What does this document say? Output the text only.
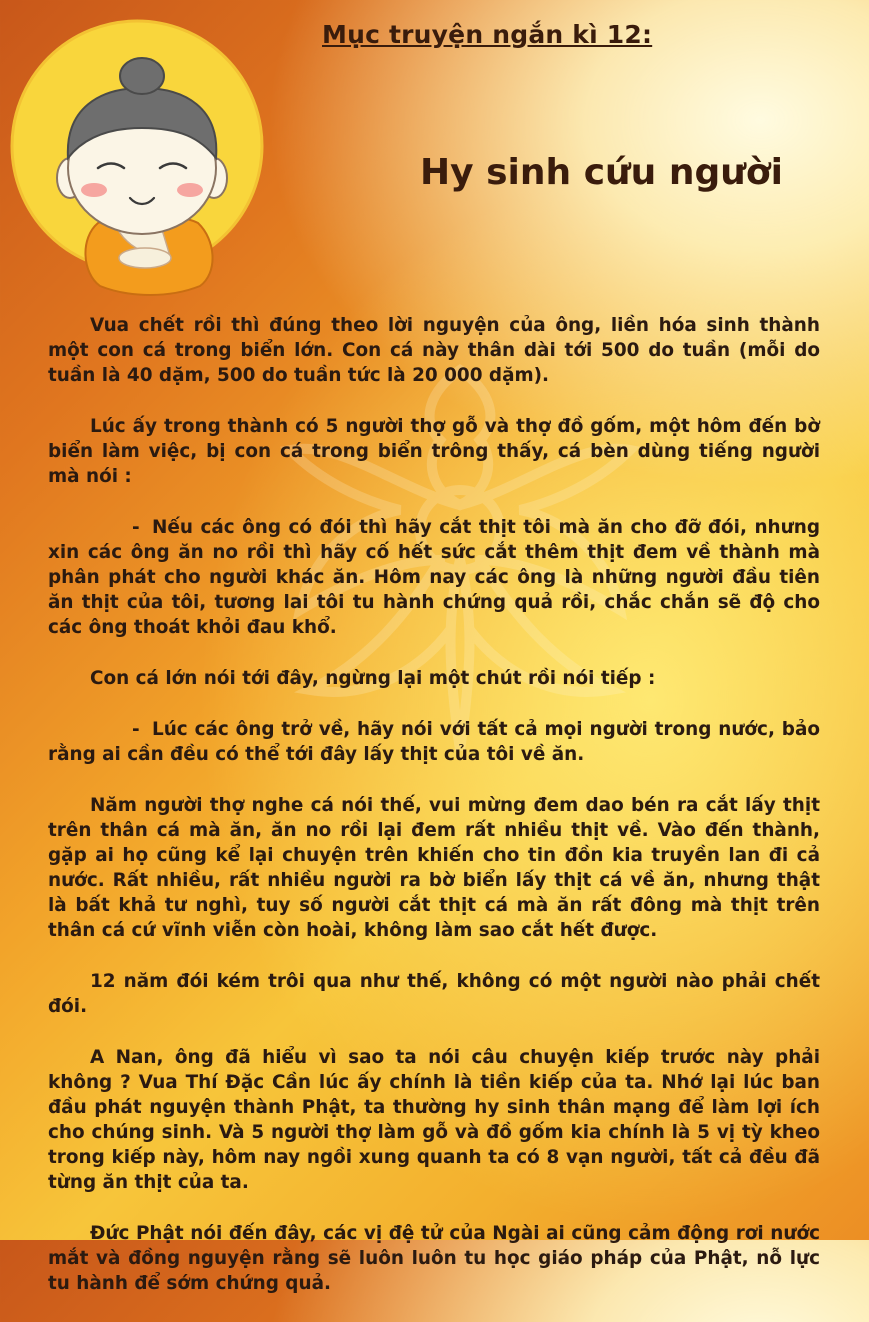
Mục truyện ngắn kì 12:
Hy sinh cứu người

Vua chết rồi thì đúng theo lời nguyện của ông, liền hóa sinh thành một con cá trong biển lớn. Con cá này thân dài tới 500 do tuần (mỗi do tuần là 40 dặm, 500 do tuần tức là 20 000 dặm).

Lúc ấy trong thành có 5 người thợ gỗ và thợ đồ gốm, một hôm đến bờ biển làm việc, bị con cá trong biển trông thấy, cá bèn dùng tiếng người mà nói :

- Nếu các ông có đói thì hãy cắt thịt tôi mà ăn cho đỡ đói, nhưng xin các ông ăn no rồi thì hãy cố hết sức cắt thêm thịt đem về thành mà phân phát cho người khác ăn. Hôm nay các ông là những người đầu tiên ăn thịt của tôi, tương lai tôi tu hành chứng quả rồi, chắc chắn sẽ độ cho các ông thoát khỏi đau khổ.

Con cá lớn nói tới đây, ngừng lại một chút rồi nói tiếp :

- Lúc các ông trở về, hãy nói với tất cả mọi người trong nước, bảo rằng ai cần đều có thể tới đây lấy thịt của tôi về ăn.

Năm người thợ nghe cá nói thế, vui mừng đem dao bén ra cắt lấy thịt trên thân cá mà ăn, ăn no rồi lại đem rất nhiều thịt về. Vào đến thành, gặp ai họ cũng kể lại chuyện trên khiến cho tin đồn kia truyền lan đi cả nước. Rất nhiều, rất nhiều người ra bờ biển lấy thịt cá về ăn, nhưng thật là bất khả tư nghì, tuy số người cắt thịt cá mà ăn rất đông mà thịt trên thân cá cứ vĩnh viễn còn hoài, không làm sao cắt hết được.

12 năm đói kém trôi qua như thế, không có một người nào phải chết đói.

A Nan, ông đã hiểu vì sao ta nói câu chuyện kiếp trước này phải không ? Vua Thí Đặc Cần lúc ấy chính là tiền kiếp của ta. Nhớ lại lúc ban đầu phát nguyện thành Phật, ta thường hy sinh thân mạng để làm lợi ích cho chúng sinh. Và 5 người thợ làm gỗ và đồ gốm kia chính là 5 vị tỳ kheo trong kiếp này, hôm nay ngồi xung quanh ta có 8 vạn người, tất cả đều đã từng ăn thịt của ta.

Đức Phật nói đến đây, các vị đệ tử của Ngài ai cũng cảm động rơi nước mắt và đồng nguyện rằng sẽ luôn luôn tu học giáo pháp của Phật, nỗ lực tu hành để sớm chứng quả.
